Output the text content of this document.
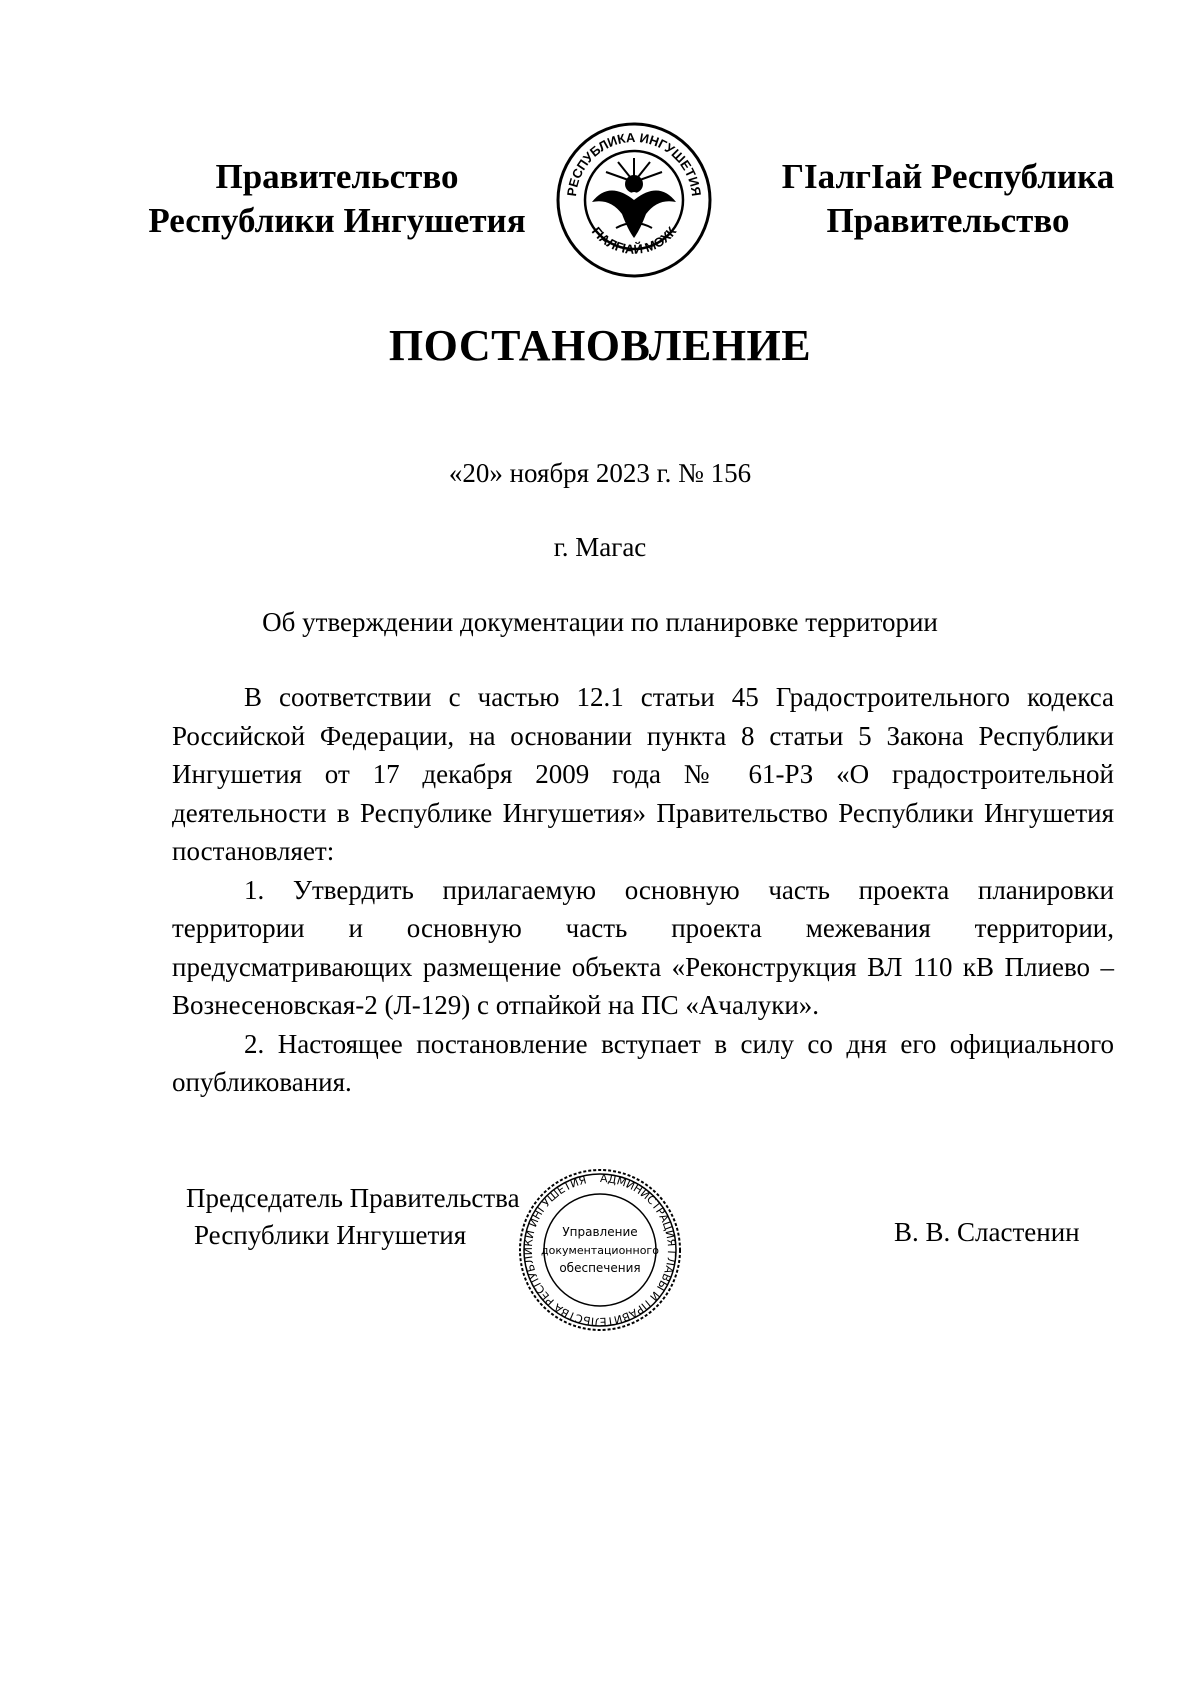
Правительство
Республики Ингушетия
РЕСПУБЛИКА ИНГУШЕТИЯ
ГIАЛГIАЙ МОХК
ГIалгIай Республика
Правительство
ПОСТАНОВЛЕНИЕ
«20» ноября 2023 г. № 156
г. Магас
Об утверждении документации по планировке территории

В соответствии с частью 12.1 статьи 45 Градостроительного кодекса Российской Федерации, на основании пункта 8 статьи 5 Закона Республики Ингушетия от 17 декабря 2009 года № 61-РЗ «О градостроительной деятельности в Республике Ингушетия» Правительство Республики Ингушетия постановляет:

1. Утвердить прилагаемую основную часть проекта планировки территории и основную часть проекта межевания территории, предусматривающих размещение объекта «Реконструкция ВЛ 110 кВ Плиево – Вознесеновская-2 (Л-129) с отпайкой на ПС «Ачалуки».

2. Настоящее постановление вступает в силу со дня его официального опубликования.

Председатель Правительства
Республики Ингушетия
АДМИНИСТРАЦИЯ ГЛАВЫ И ПРАВИТЕЛЬСТВА РЕСПУБЛИКИ ИНГУШЕТИЯ
Управление
документационного
обеспечения
В. В. Сластенин
